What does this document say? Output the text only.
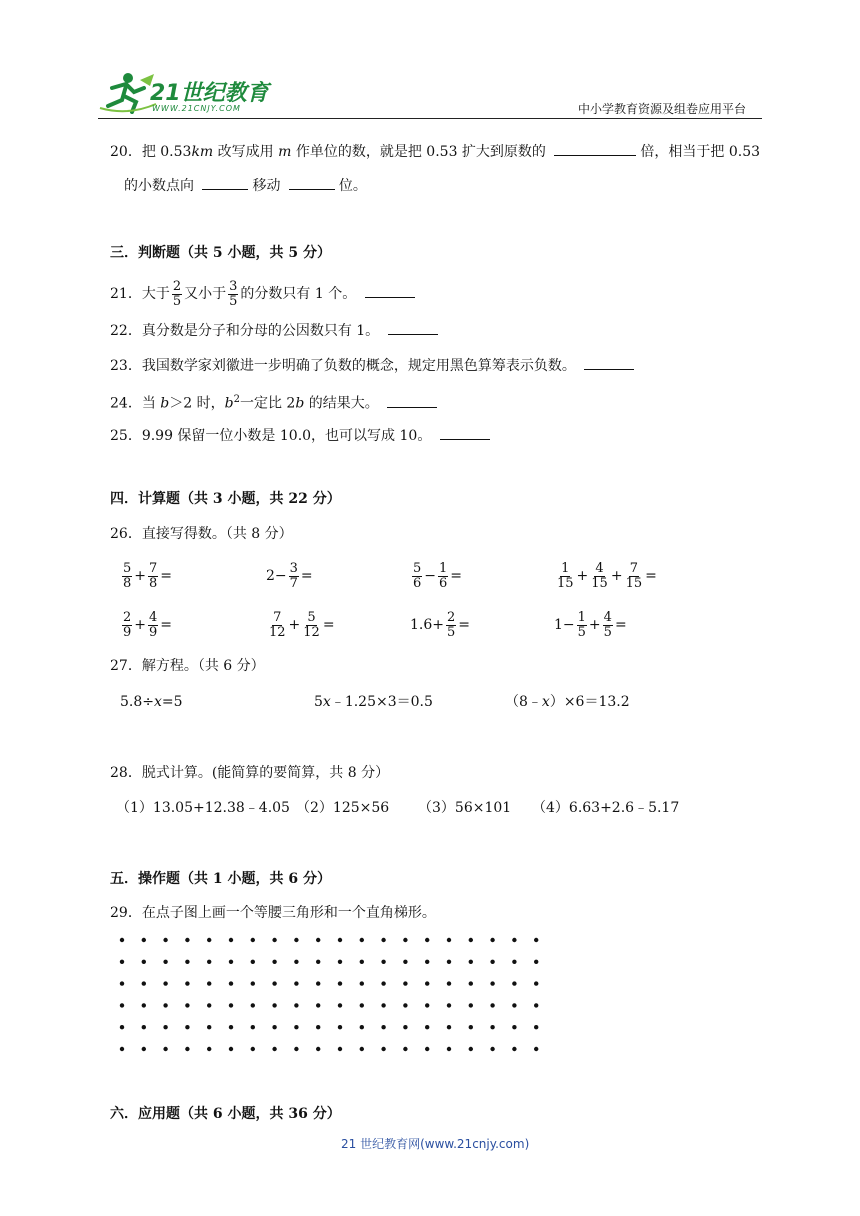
21世纪教育
WWW.21CNJY.COM	中小学教育资源及组卷应用平台
20．把 0.53km 改写成用 m 作单位的数，就是把 0.53 扩大到原数的	倍，相当于把 0.53
的小数点向	移动	位。
三．判断题（共 5 小题，共 5 分）
21．大于 $\frac{2}{5}$ 又小于 $\frac{3}{5}$ 的分数只有 1 个。
22．真分数是分子和分母的公因数只有 1。
23．我国数学家刘徽进一步明确了负数的概念，规定用黑色算筹表示负数。
24．当 b＞2 时，$b^2$一定比 2b 的结果大。
25．9.99 保留一位小数是 10.0，也可以写成 10。
四．计算题（共 3 小题，共 22 分）
26．直接写得数。（共 8 分）
$\frac{5}{8} + \frac{7}{8}$ =	$2- \frac{3}{7}$ =	$\frac{5}{6} - \frac{1}{6}$ =	$\frac{1}{15} + \frac{4}{15} + \frac{7}{15}$ =
$\frac{2}{9} + \frac{4}{9}$ =	$\frac{7}{12} + \frac{5}{12}$ =	$1.6+ \frac{2}{5}$ =	$1- \frac{1}{5} + \frac{4}{5}$ =
27．解方程。（共 6 分）
5.8÷x=5	5x﹣1.25×3＝0.5	（8﹣x）×6＝13.2
28．脱式计算。(能简算的要简算，共 8 分）
（1）13.05+12.38﹣4.05 （2）125×56 （3）56×101 （4）6.63+2.6﹣5.17
五．操作题（共 1 小题，共 6 分）
29．在点子图上画一个等腰三角形和一个直角梯形。
六．应用题（共 6 小题，共 36 分）
21 世纪教育网(www.21cnjy.com)
